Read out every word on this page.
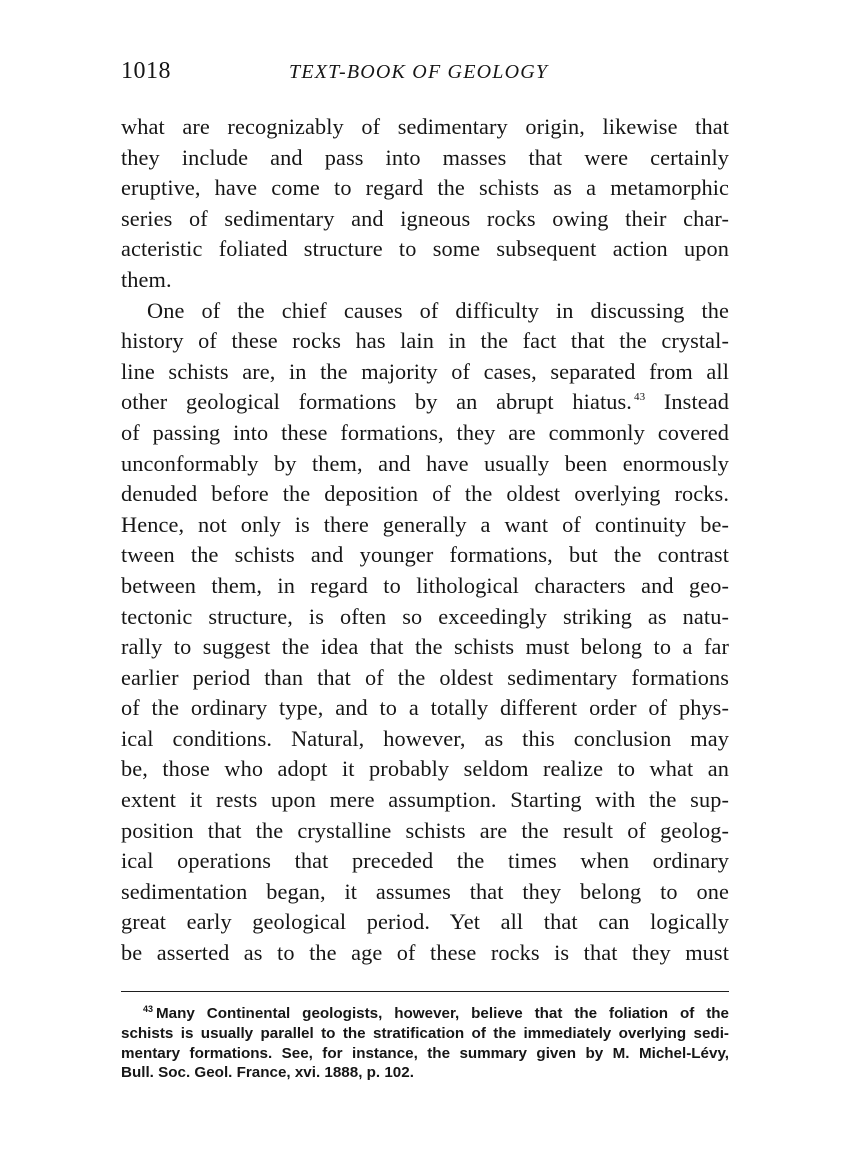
1018	TEXT-BOOK OF GEOLOGY
what are recognizably of sedimentary origin, likewise that
they include and pass into masses that were certainly
eruptive, have come to regard the schists as a metamorphic
series of sedimentary and igneous rocks owing their char-
acteristic foliated structure to some subsequent action upon
them.
One of the chief causes of difficulty in discussing the
history of these rocks has lain in the fact that the crystal-
line schists are, in the majority of cases, separated from all
other geological formations by an abrupt hiatus. $^{43}$ Instead
of passing into these formations, they are commonly covered
unconformably by them, and have usually been enormously
denuded before the deposition of the oldest overlying rocks.
Hence, not only is there generally a want of continuity be-
tween the schists and younger formations, but the contrast
between them, in regard to lithological characters and geo-
tectonic structure, is often so exceedingly striking as natu-
rally to suggest the idea that the schists must belong to a far
earlier period than that of the oldest sedimentary formations
of the ordinary type, and to a totally different order of phys-
ical conditions. Natural, however, as this conclusion may
be, those who adopt it probably seldom realize to what an
extent it rests upon mere assumption. Starting with the sup-
position that the crystalline schists are the result of geolog-
ical operations that preceded the times when ordinary
sedimentation began, it assumes that they belong to one
great early geological period. Yet all that can logically
be asserted as to the age of these rocks is that they must
$^{43}$ Many Continental geologists, however, believe that the foliation of the
schists is usually parallel to the stratification of the immediately overlying sedi-
mentary formations. See, for instance, the summary given by M. Michel-Lévy,
Bull. Soc. Geol. France, xvi. 1888, p. 102.
